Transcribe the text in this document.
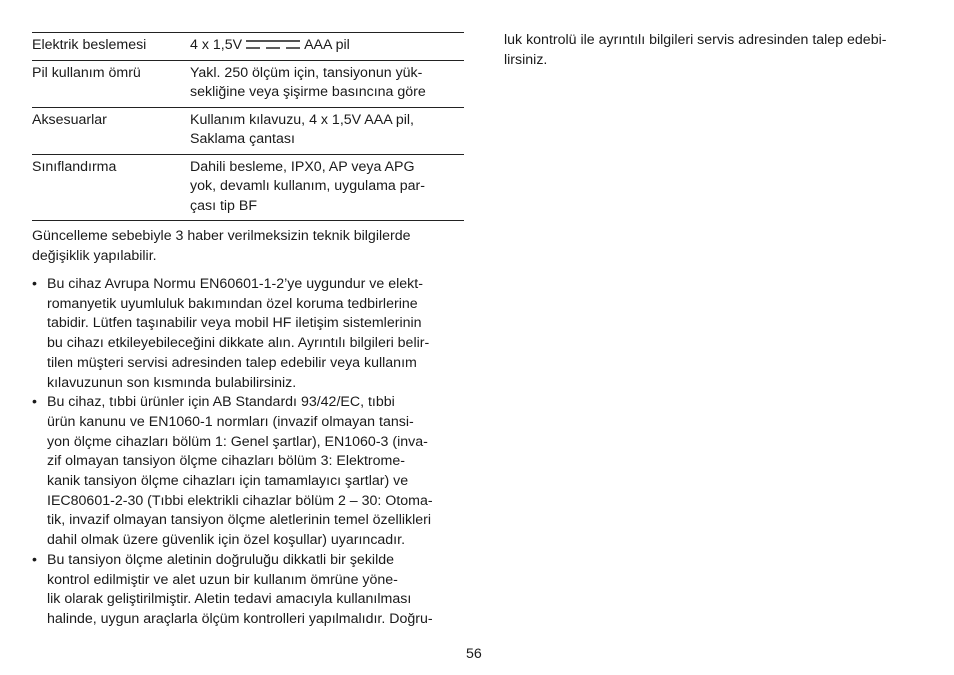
Elektrik beslemesi	4 x 1,5V AAA pil
Pil kullanım ömrü	Yakl. 250 ölçüm için, tansiyonun yük-
sekliğine veya şişirme basıncına göre
Aksesuarlar	Kullanım kılavuzu, 4 x 1,5V AAA pil,
Saklama çantası
Sınıflandırma	Dahili besleme, IPX0, AP veya APG
yok, devamlı kullanım, uygulama par-
çası tip BF
Güncelleme sebebiyle 3 haber verilmeksizin teknik bilgilerde
değişiklik yapılabilir.
• Bu cihaz Avrupa Normu EN60601-1-2’ye uygundur ve elekt-
romanyetik uyumluluk bakımından özel koruma tedbirlerine
tabidir. Lütfen taşınabilir veya mobil HF iletişim sistemlerinin
bu cihazı etkileyebileceğini dikkate alın. Ayrıntılı bilgileri belir-
tilen müşteri servisi adresinden talep edebilir veya kullanım
kılavuzunun son kısmında bulabilirsiniz.
• Bu cihaz, tıbbi ürünler için AB Standardı 93/42/EC, tıbbi
ürün kanunu ve EN1060-1 normları (invazif olmayan tansi-
yon ölçme cihazları bölüm 1: Genel şartlar), EN1060-3 (inva-
zif olmayan tansiyon ölçme cihazları bölüm 3: Elektrome-
kanik tansiyon ölçme cihazları için tamamlayıcı şartlar) ve
IEC80601-2-30 (Tıbbi elektrikli cihazlar bölüm 2 – 30: Otoma-
tik, invazif olmayan tansiyon ölçme aletlerinin temel özellikleri
dahil olmak üzere güvenlik için özel koşullar) uyarıncadır.
• Bu tansiyon ölçme aletinin doğruluğu dikkatli bir şekilde
kontrol edilmiştir ve alet uzun bir kullanım ömrüne yöne-
lik olarak geliştirilmiştir. Aletin tedavi amacıyla kullanılması
halinde, uygun araçlarla ölçüm kontrolleri yapılmalıdır. Doğru-
luk kontrolü ile ayrıntılı bilgileri servis adresinden talep edebi-
lirsiniz.
56
